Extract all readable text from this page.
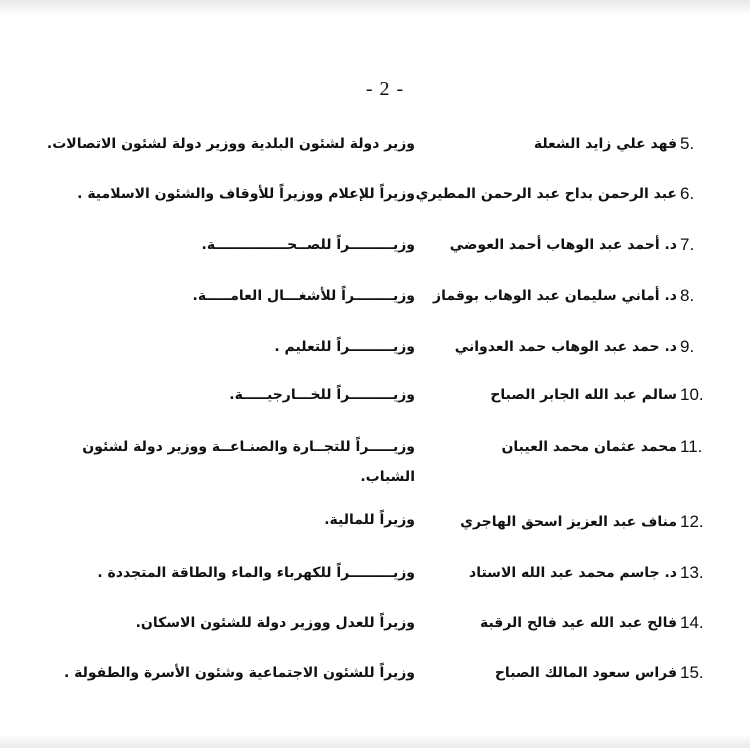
- 2 -
5.
فهد علي زايد الشعلة
وزير دولة لشئون البلدية ووزير دولة لشئون الاتصالات.
6.
عبد الرحمن بداح عبد الرحمن المطيري
وزيراً للإعلام ووزيراً للأوقاف والشئون الاسلامية .
7.
د. أحمد عبد الوهاب أحمد العوضي
وزيـــــــــراً للصــحـــــــــــــــة.
8.
د. أماني سليمان عبد الوهاب بوقماز
وزيــــــــراً للأشغـــال العامـــــة.
9.
د. حمد عبد الوهاب حمد العدواني
وزيـــــــــراً للتعليم .
10.
سالم عبد الله الجابر الصباح
وزيـــــــــراً للخـــارجيـــــة.
11.
محمد عثمان محمد العيبان
وزيـــــراً للتجــارة والصنـاعــة ووزير دولة لشئون الشباب.
12.
مناف عبد العزيز اسحق الهاجري
وزيراً للمالية.
13.
د. جاسم محمد عبد الله الاستاد
وزيـــــــــراً للكهرباء والماء والطاقة المتجددة .
14.
فالح عبد الله عيد فالح الرقبة
وزيراً للعدل ووزير دولة للشئون الاسكان.
15.
فراس سعود المالك الصباح
وزيراً للشئون الاجتماعية وشئون الأسرة والطفولة .
